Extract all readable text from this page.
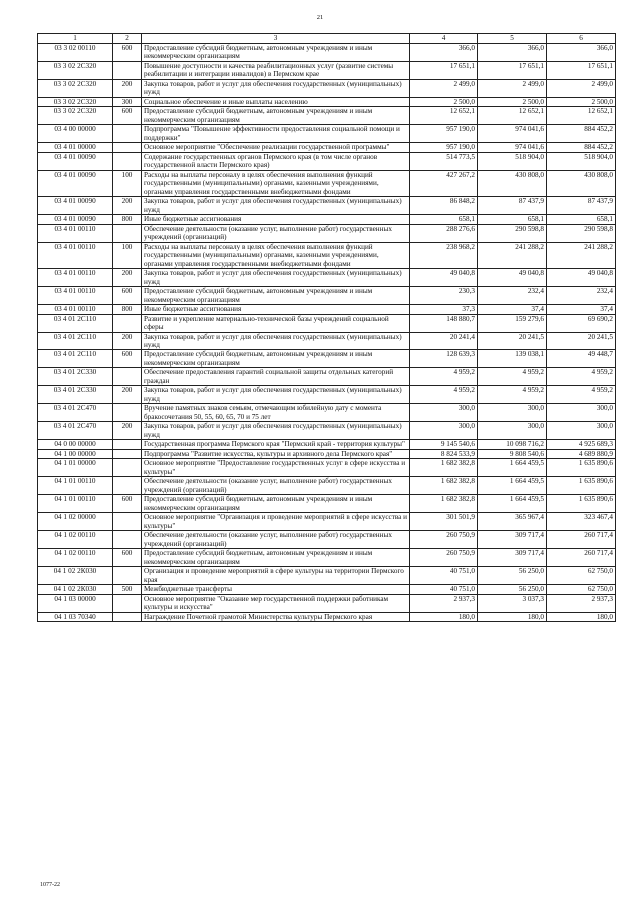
21
1	2	3	4	5	6
03 3 02 00110	600	Предоставление субсидий бюджетным, автономным учреждениям и иным некоммерческим организациям	366,0	366,0	366,0
03 3 02 2С320		Повышение доступности и качества реабилитационных услуг (развитие системы реабилитации и интеграции инвалидов) в Пермском крае	17 651,1	17 651,1	17 651,1
03 3 02 2С320	200	Закупка товаров, работ и услуг для обеспечения государственных (муниципальных) нужд	2 499,0	2 499,0	2 499,0
03 3 02 2С320	300	Социальное обеспечение и иные выплаты населению	2 500,0	2 500,0	2 500,0
03 3 02 2С320	600	Предоставление субсидий бюджетным, автономным учреждениям и иным некоммерческим организациям	12 652,1	12 652,1	12 652,1
03 4 00 00000		Подпрограмма "Повышение эффективности предоставления социальной помощи и поддержки"	957 190,0	974 041,6	884 452,2
03 4 01 00000		Основное мероприятие "Обеспечение реализации государственной программы"	957 190,0	974 041,6	884 452,2
03 4 01 00090		Содержание государственных органов Пермского края (в том числе органов государственной власти Пермского края)	514 773,5	518 904,0	518 904,0
03 4 01 00090	100	Расходы на выплаты персоналу в целях обеспечения выполнения функций государственными (муниципальными) органами, казенными учреждениями, органами управления государственными внебюджетными фондами	427 267,2	430 808,0	430 808,0
03 4 01 00090	200	Закупка товаров, работ и услуг для обеспечения государственных (муниципальных) нужд	86 848,2	87 437,9	87 437,9
03 4 01 00090	800	Иные бюджетные ассигнования	658,1	658,1	658,1
03 4 01 00110		Обеспечение деятельности (оказание услуг, выполнение работ) государственных учреждений (организаций)	288 276,6	290 598,8	290 598,8
03 4 01 00110	100	Расходы на выплаты персоналу в целях обеспечения выполнения функций государственными (муниципальными) органами, казенными учреждениями, органами управления государственными внебюджетными фондами	238 968,2	241 288,2	241 288,2
03 4 01 00110	200	Закупка товаров, работ и услуг для обеспечения государственных (муниципальных) нужд	49 040,8	49 040,8	49 040,8
03 4 01 00110	600	Предоставление субсидий бюджетным, автономным учреждениям и иным некоммерческим организациям	230,3	232,4	232,4
03 4 01 00110	800	Иные бюджетные ассигнования	37,3	37,4	37,4
03 4 01 2С110		Развитие и укрепление материально-технической базы учреждений социальной сферы	148 880,7	159 279,6	69 690,2
03 4 01 2С110	200	Закупка товаров, работ и услуг для обеспечения государственных (муниципальных) нужд	20 241,4	20 241,5	20 241,5
03 4 01 2С110	600	Предоставление субсидий бюджетным, автономным учреждениям и иным некоммерческим организациям	128 639,3	139 038,1	49 448,7
03 4 01 2С330		Обеспечение предоставления гарантий социальной защиты отдельных категорий граждан	4 959,2	4 959,2	4 959,2
03 4 01 2С330	200	Закупка товаров, работ и услуг для обеспечения государственных (муниципальных) нужд	4 959,2	4 959,2	4 959,2
03 4 01 2С470		Вручение памятных знаков семьям, отмечающим юбилейную дату с момента бракосочетания 50, 55, 60, 65, 70 и 75 лет	300,0	300,0	300,0
03 4 01 2С470	200	Закупка товаров, работ и услуг для обеспечения государственных (муниципальных) нужд	300,0	300,0	300,0
04 0 00 00000		Государственная программа Пермского края "Пермский край - территория культуры"	9 145 540,6	10 098 716,2	4 925 689,3
04 1 00 00000		Подпрограмма "Развитие искусства, культуры и архивного дела Пермского края"	8 824 533,9	9 808 540,6	4 689 880,9
04 1 01 00000		Основное мероприятие "Предоставление государственных услуг в сфере искусства и культуры"	1 682 382,8	1 664 459,5	1 635 890,6
04 1 01 00110		Обеспечение деятельности (оказание услуг, выполнение работ) государственных учреждений (организаций)	1 682 382,8	1 664 459,5	1 635 890,6
04 1 01 00110	600	Предоставление субсидий бюджетным, автономным учреждениям и иным некоммерческим организациям	1 682 382,8	1 664 459,5	1 635 890,6
04 1 02 00000		Основное мероприятие "Организация и проведение мероприятий в сфере искусства и культуры"	301 501,9	365 967,4	323 467,4
04 1 02 00110		Обеспечение деятельности (оказание услуг, выполнение работ) государственных учреждений (организаций)	260 750,9	309 717,4	260 717,4
04 1 02 00110	600	Предоставление субсидий бюджетным, автономным учреждениям и иным некоммерческим организациям	260 750,9	309 717,4	260 717,4
04 1 02 2К030		Организация и проведение мероприятий в сфере культуры на территории Пермского края	40 751,0	56 250,0	62 750,0
04 1 02 2К030	500	Межбюджетные трансферты	40 751,0	56 250,0	62 750,0
04 1 03 00000		Основное мероприятие "Оказание мер государственной поддержки работникам культуры и искусства"	2 937,3	3 037,3	2 937,3
04 1 03 70340		Награждение Почетной грамотой Министерства культуры Пермского края	180,0	180,0	180,0
1077-22
